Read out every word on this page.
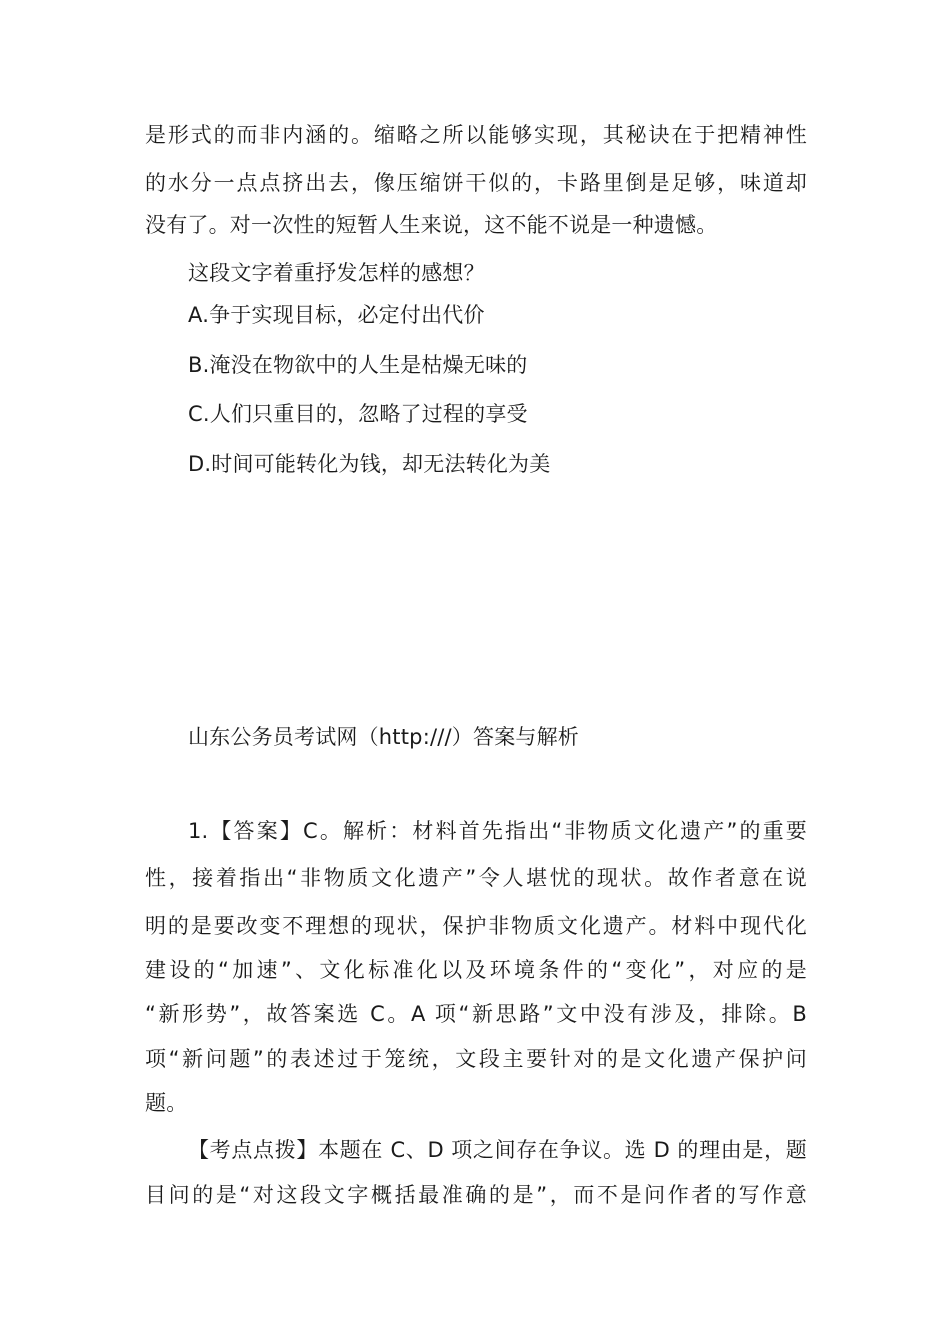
是形式的而非内涵的。缩略之所以能够实现，其秘诀在于把精神性
的水分一点点挤出去，像压缩饼干似的，卡路里倒是足够，味道却
没有了。对一次性的短暂人生来说，这不能不说是一种遗憾。
这段文字着重抒发怎样的感想？
A.争于实现目标，必定付出代价
B.淹没在物欲中的人生是枯燥无味的
C.人们只重目的，忽略了过程的享受
D.时间可能转化为钱，却无法转化为美
山东公务员考试网（http:///）答案与解析
1.【答案】C。解析：材料首先指出“非物质文化遗产”的重要
性，接着指出“非物质文化遗产”令人堪忧的现状。故作者意在说
明的是要改变不理想的现状，保护非物质文化遗产。材料中现代化
建设的“加速”、文化标准化以及环境条件的“变化”，对应的是
“新形势”，故答案选 C。A 项“新思路”文中没有涉及，排除。B
项“新问题”的表述过于笼统，文段主要针对的是文化遗产保护问
题。
【考点点拨】本题在 C、D 项之间存在争议。选 D 的理由是，题
目问的是“对这段文字概括最准确的是”，而不是问作者的写作意
